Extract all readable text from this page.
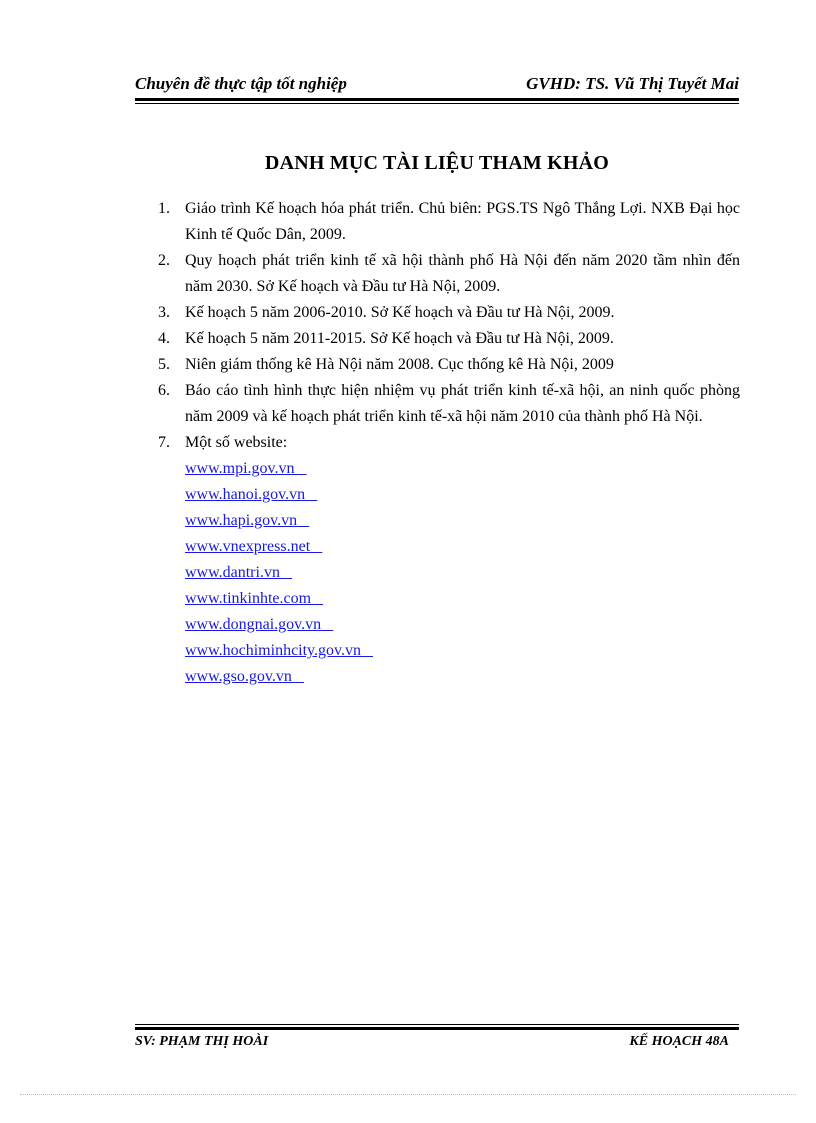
Chuyên đề thực tập tốt nghiệp	GVHD: TS. Vũ Thị Tuyết Mai
DANH MỤC TÀI LIỆU THAM KHẢO
1. Giáo trình Kế hoạch hóa phát triển. Chủ biên: PGS.TS Ngô Thắng Lợi. NXB Đại học Kinh tế Quốc Dân, 2009.
2. Quy hoạch phát triển kinh tế xã hội thành phố Hà Nội đến năm 2020 tầm nhìn đến năm 2030. Sở Kế hoạch và Đầu tư Hà Nội, 2009.
3. Kế hoạch 5 năm 2006-2010. Sở Kế hoạch và Đầu tư Hà Nội, 2009.
4. Kế hoạch 5 năm 2011-2015. Sở Kế hoạch và Đầu tư Hà Nội, 2009.
5. Niên giám thống kê Hà Nội năm 2008. Cục thống kê Hà Nội, 2009
6. Báo cáo tình hình thực hiện nhiệm vụ phát triển kinh tế-xã hội, an ninh quốc phòng năm 2009 và kế hoạch phát triển kinh tế-xã hội năm 2010 của thành phố Hà Nội.
7. Một số website:
www.mpi.gov.vn
www.hanoi.gov.vn
www.hapi.gov.vn
www.vnexpress.net
www.dantri.vn
www.tinkinhte.com
www.dongnai.gov.vn
www.hochiminhcity.gov.vn
www.gso.gov.vn
SV: PHẠM THỊ HOÀI	KẾ HOẠCH 48A
